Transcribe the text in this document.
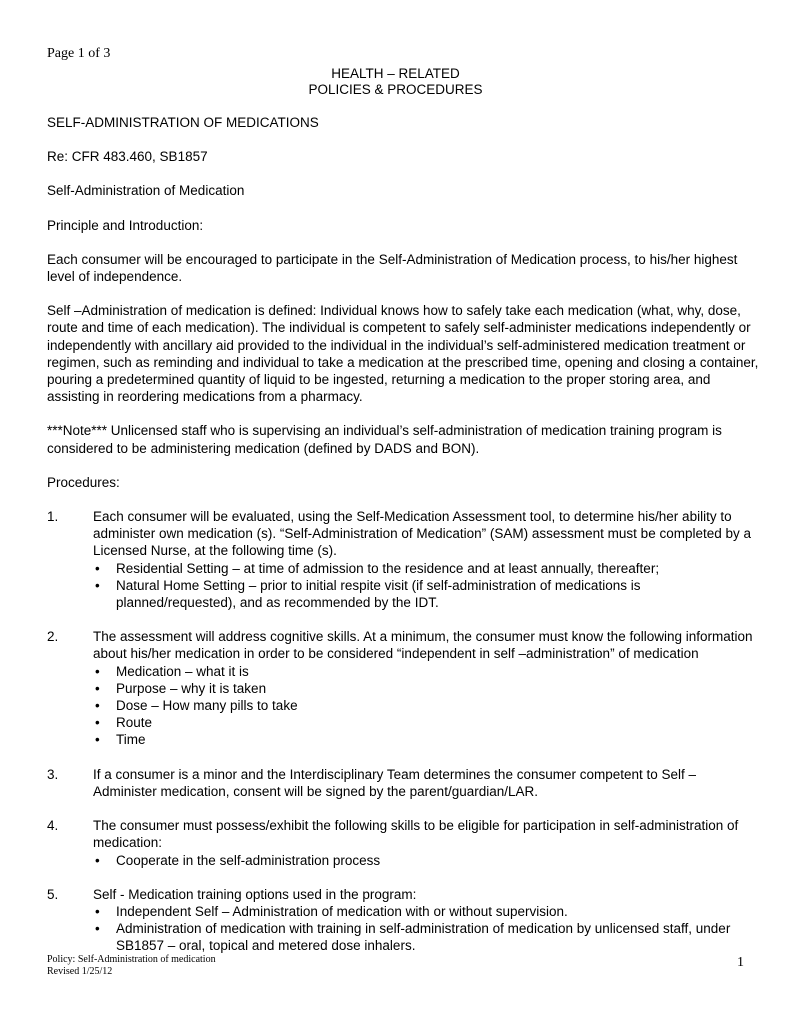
Page 1 of 3
HEALTH – RELATED
POLICIES & PROCEDURES

SELF-ADMINISTRATION OF MEDICATIONS

Re: CFR 483.460, SB1857

Self-Administration of Medication

Principle and Introduction:

Each consumer will be encouraged to participate in the Self-Administration of Medication process, to his/her highest level of independence.

Self –Administration of medication is defined: Individual knows how to safely take each medication (what, why, dose, route and time of each medication). The individual is competent to safely self-administer medications independently or independently with ancillary aid provided to the individual in the individual’s self-administered medication treatment or regimen, such as reminding and individual to take a medication at the prescribed time, opening and closing a container, pouring a predetermined quantity of liquid to be ingested, returning a medication to the proper storing area, and assisting in reordering medications from a pharmacy.

***Note*** Unlicensed staff who is supervising an individual’s self-administration of medication training program is considered to be administering medication (defined by DADS and BON).

Procedures:

1.	Each consumer will be evaluated, using the Self-Medication Assessment tool, to determine his/her ability to administer own medication (s). “Self-Administration of Medication” (SAM) assessment must be completed by a Licensed Nurse, at the following time (s).
• Residential Setting – at time of admission to the residence and at least annually, thereafter;
• Natural Home Setting – prior to initial respite visit (if self-administration of medications is planned/requested), and as recommended by the IDT.
2.	The assessment will address cognitive skills. At a minimum, the consumer must know the following information about his/her medication in order to be considered “independent in self –administration” of medication
• Medication – what it is
• Purpose – why it is taken
• Dose – How many pills to take
• Route
• Time
3.	If a consumer is a minor and the Interdisciplinary Team determines the consumer competent to Self – Administer medication, consent will be signed by the parent/guardian/LAR.
4.	The consumer must possess/exhibit the following skills to be eligible for participation in self-administration of medication:
• Cooperate in the self-administration process
5.	Self - Medication training options used in the program:
• Independent Self – Administration of medication with or without supervision.
• Administration of medication with training in self-administration of medication by unlicensed staff, under SB1857 – oral, topical and metered dose inhalers.
Policy: Self-Administration of medication
Revised 1/25/12
1
